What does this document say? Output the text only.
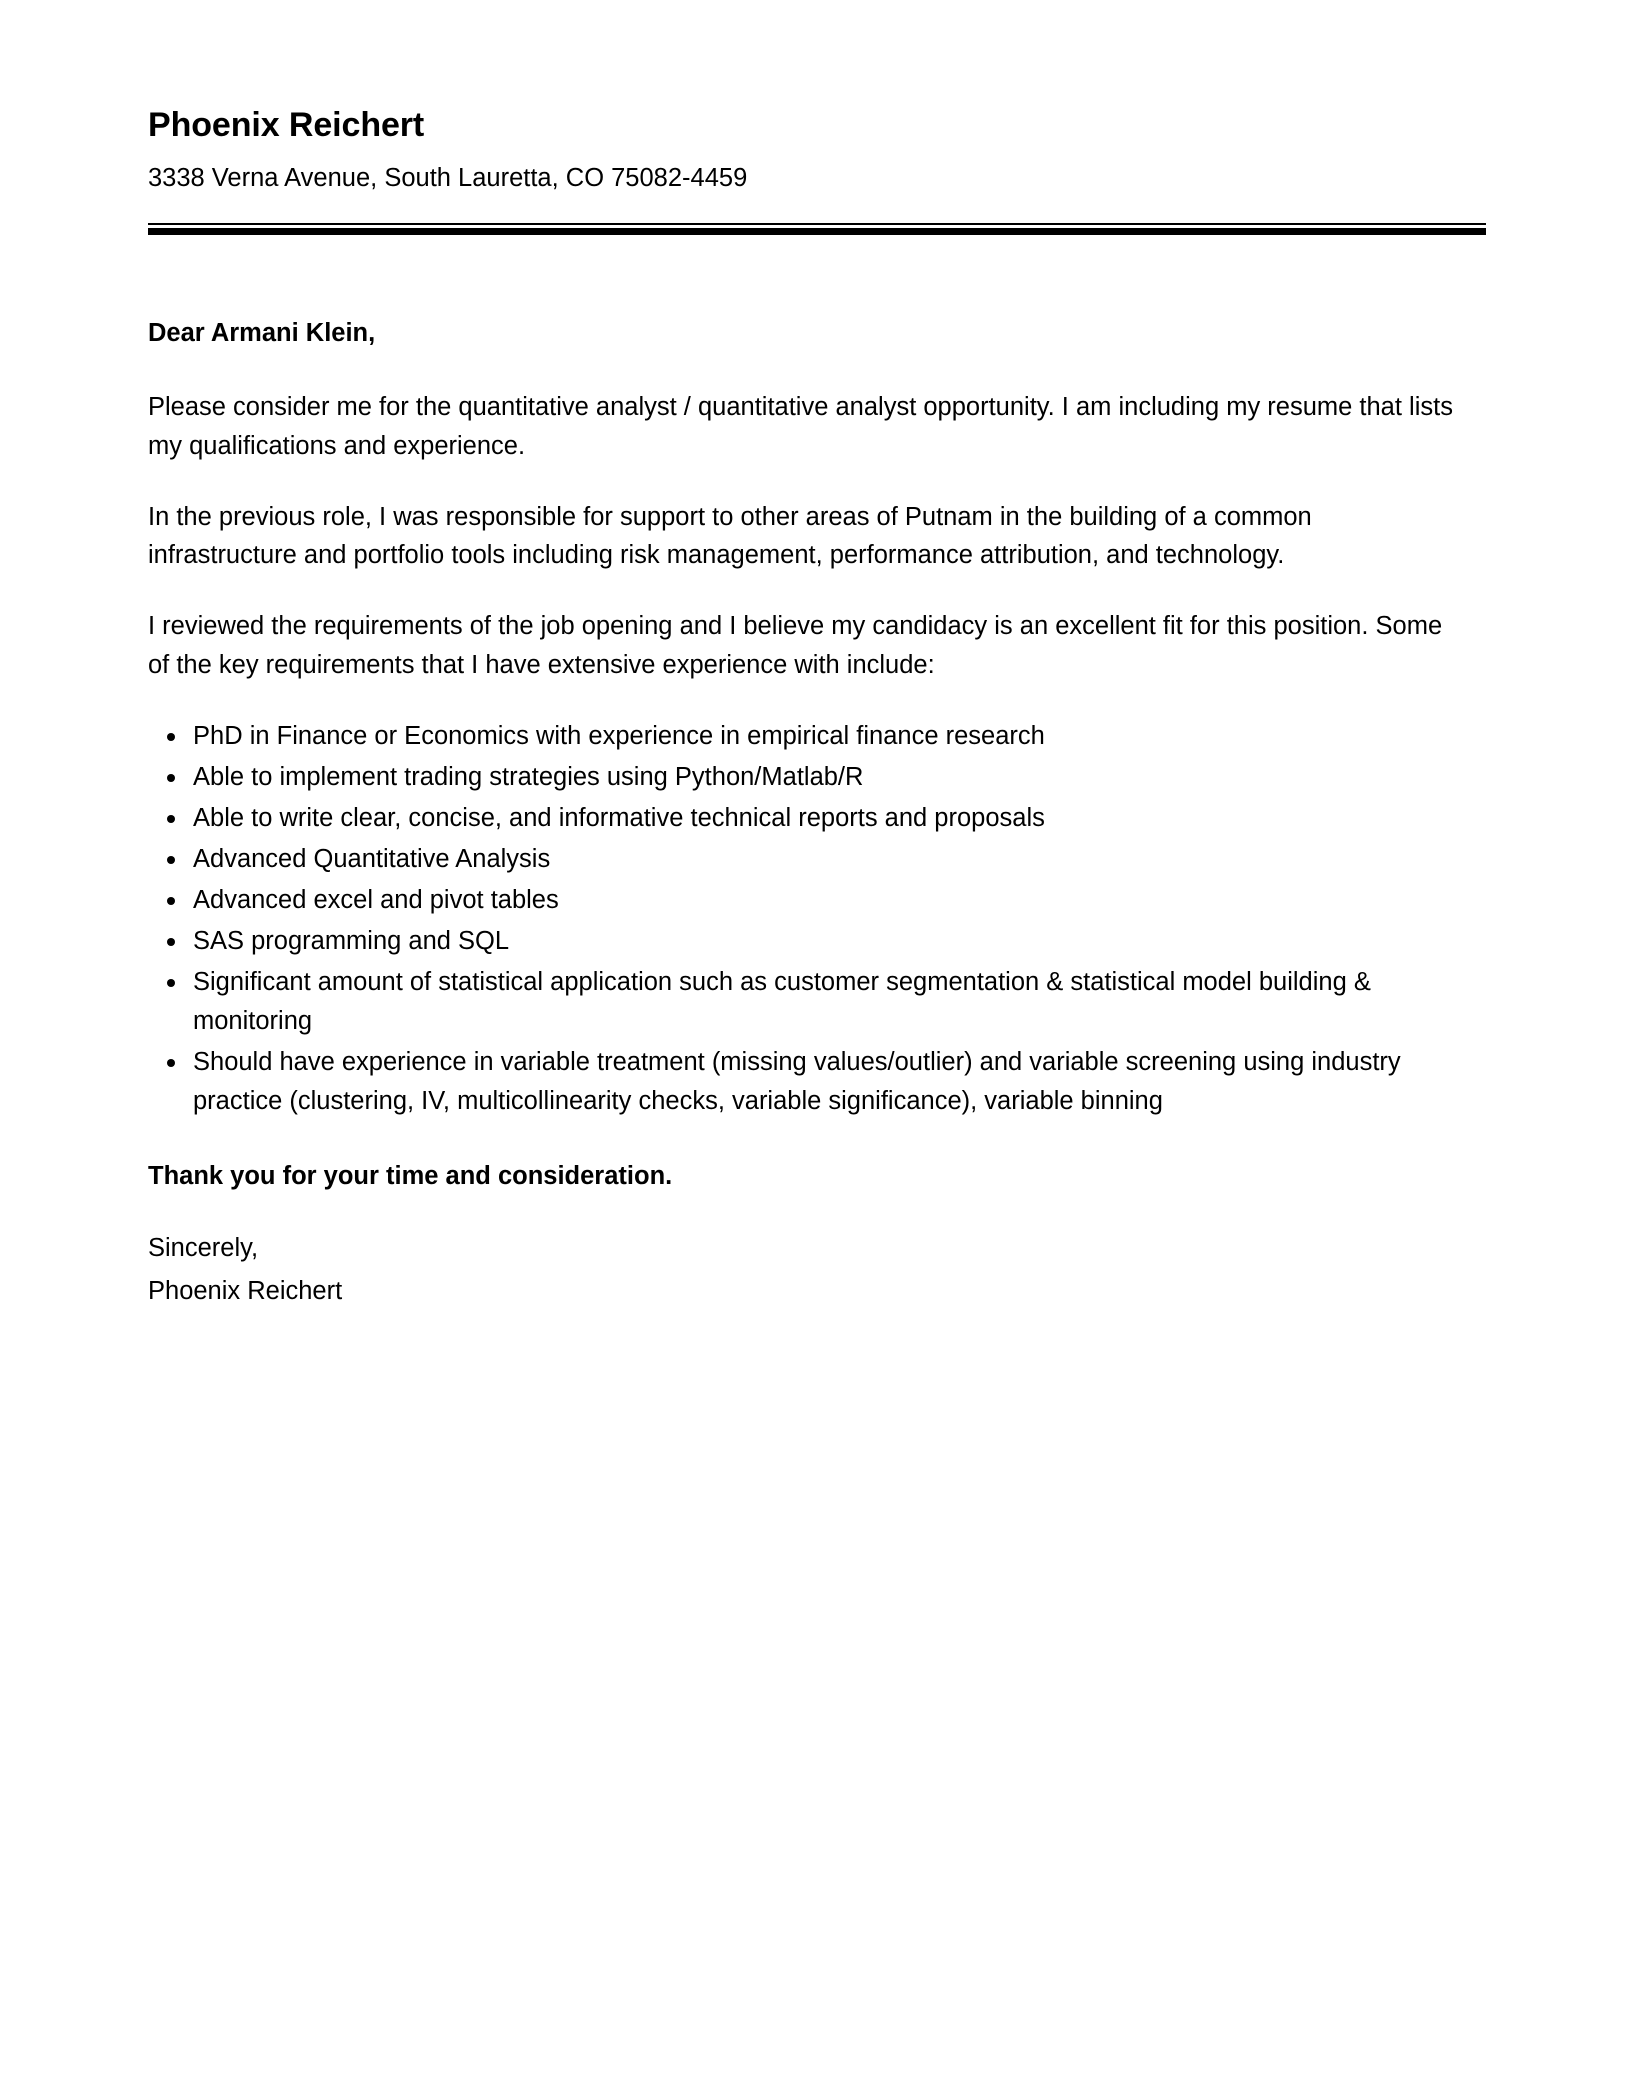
Phoenix Reichert
3338 Verna Avenue, South Lauretta, CO 75082-4459
Dear Armani Klein,

Please consider me for the quantitative analyst / quantitative analyst opportunity. I am including my resume that lists my qualifications and experience.

In the previous role, I was responsible for support to other areas of Putnam in the building of a common infrastructure and portfolio tools including risk management, performance attribution, and technology.

I reviewed the requirements of the job opening and I believe my candidacy is an excellent fit for this position. Some of the key requirements that I have extensive experience with include:

PhD in Finance or Economics with experience in empirical finance research
Able to implement trading strategies using Python/Matlab/R
Able to write clear, concise, and informative technical reports and proposals
Advanced Quantitative Analysis
Advanced excel and pivot tables
SAS programming and SQL
Significant amount of statistical application such as customer segmentation & statistical model building & monitoring
Should have experience in variable treatment (missing values/outlier) and variable screening using industry practice (clustering, IV, multicollinearity checks, variable significance), variable binning
Thank you for your time and consideration.
Sincerely,
Phoenix Reichert
